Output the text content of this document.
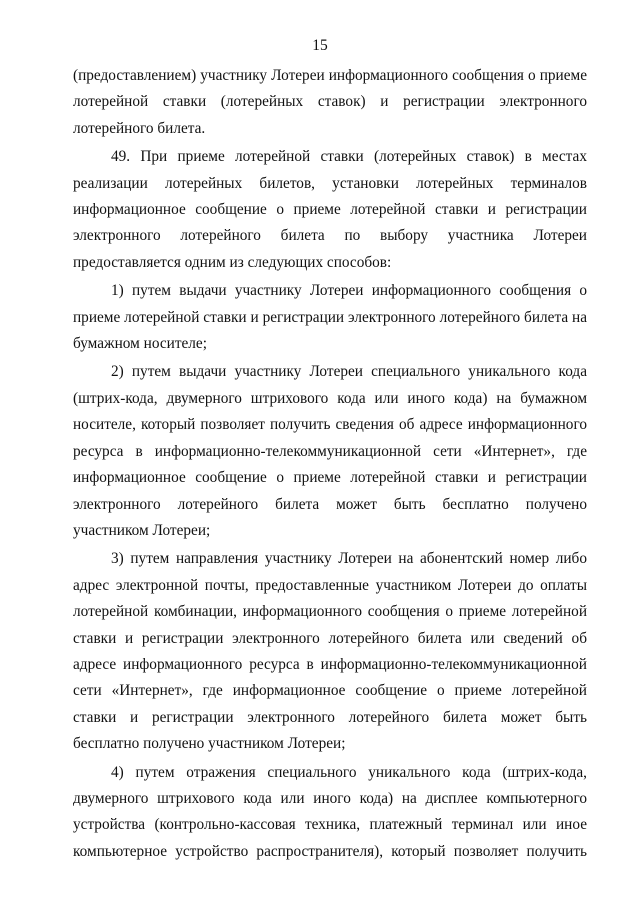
15

(предоставлением) участнику Лотереи информационного сообщения о приеме лотерейной ставки (лотерейных ставок) и регистрации электронного лотерейного билета.

49. При приеме лотерейной ставки (лотерейных ставок) в местах реализации лотерейных билетов, установки лотерейных терминалов информационное сообщение о приеме лотерейной ставки и регистрации электронного лотерейного билета по выбору участника Лотереи предоставляется одним из следующих способов:

1) путем выдачи участнику Лотереи информационного сообщения о приеме лотерейной ставки и регистрации электронного лотерейного билета на бумажном носителе;

2) путем выдачи участнику Лотереи специального уникального кода (штрих-кода, двумерного штрихового кода или иного кода) на бумажном носителе, который позволяет получить сведения об адресе информационного ресурса в информационно-телекоммуникационной сети «Интернет», где информационное сообщение о приеме лотерейной ставки и регистрации электронного лотерейного билета может быть бесплатно получено участником Лотереи;

3) путем направления участнику Лотереи на абонентский номер либо адрес электронной почты, предоставленные участником Лотереи до оплаты лотерейной комбинации, информационного сообщения о приеме лотерейной ставки и регистрации электронного лотерейного билета или сведений об адресе информационного ресурса в информационно-телекоммуникационной сети «Интернет», где информационное сообщение о приеме лотерейной ставки и регистрации электронного лотерейного билета может быть бесплатно получено участником Лотереи;

4) путем отражения специального уникального кода (штрих-кода, двумерного штрихового кода или иного кода) на дисплее компьютерного устройства (контрольно-кассовая техника, платежный терминал или иное компьютерное устройство распространителя), который позволяет получить
